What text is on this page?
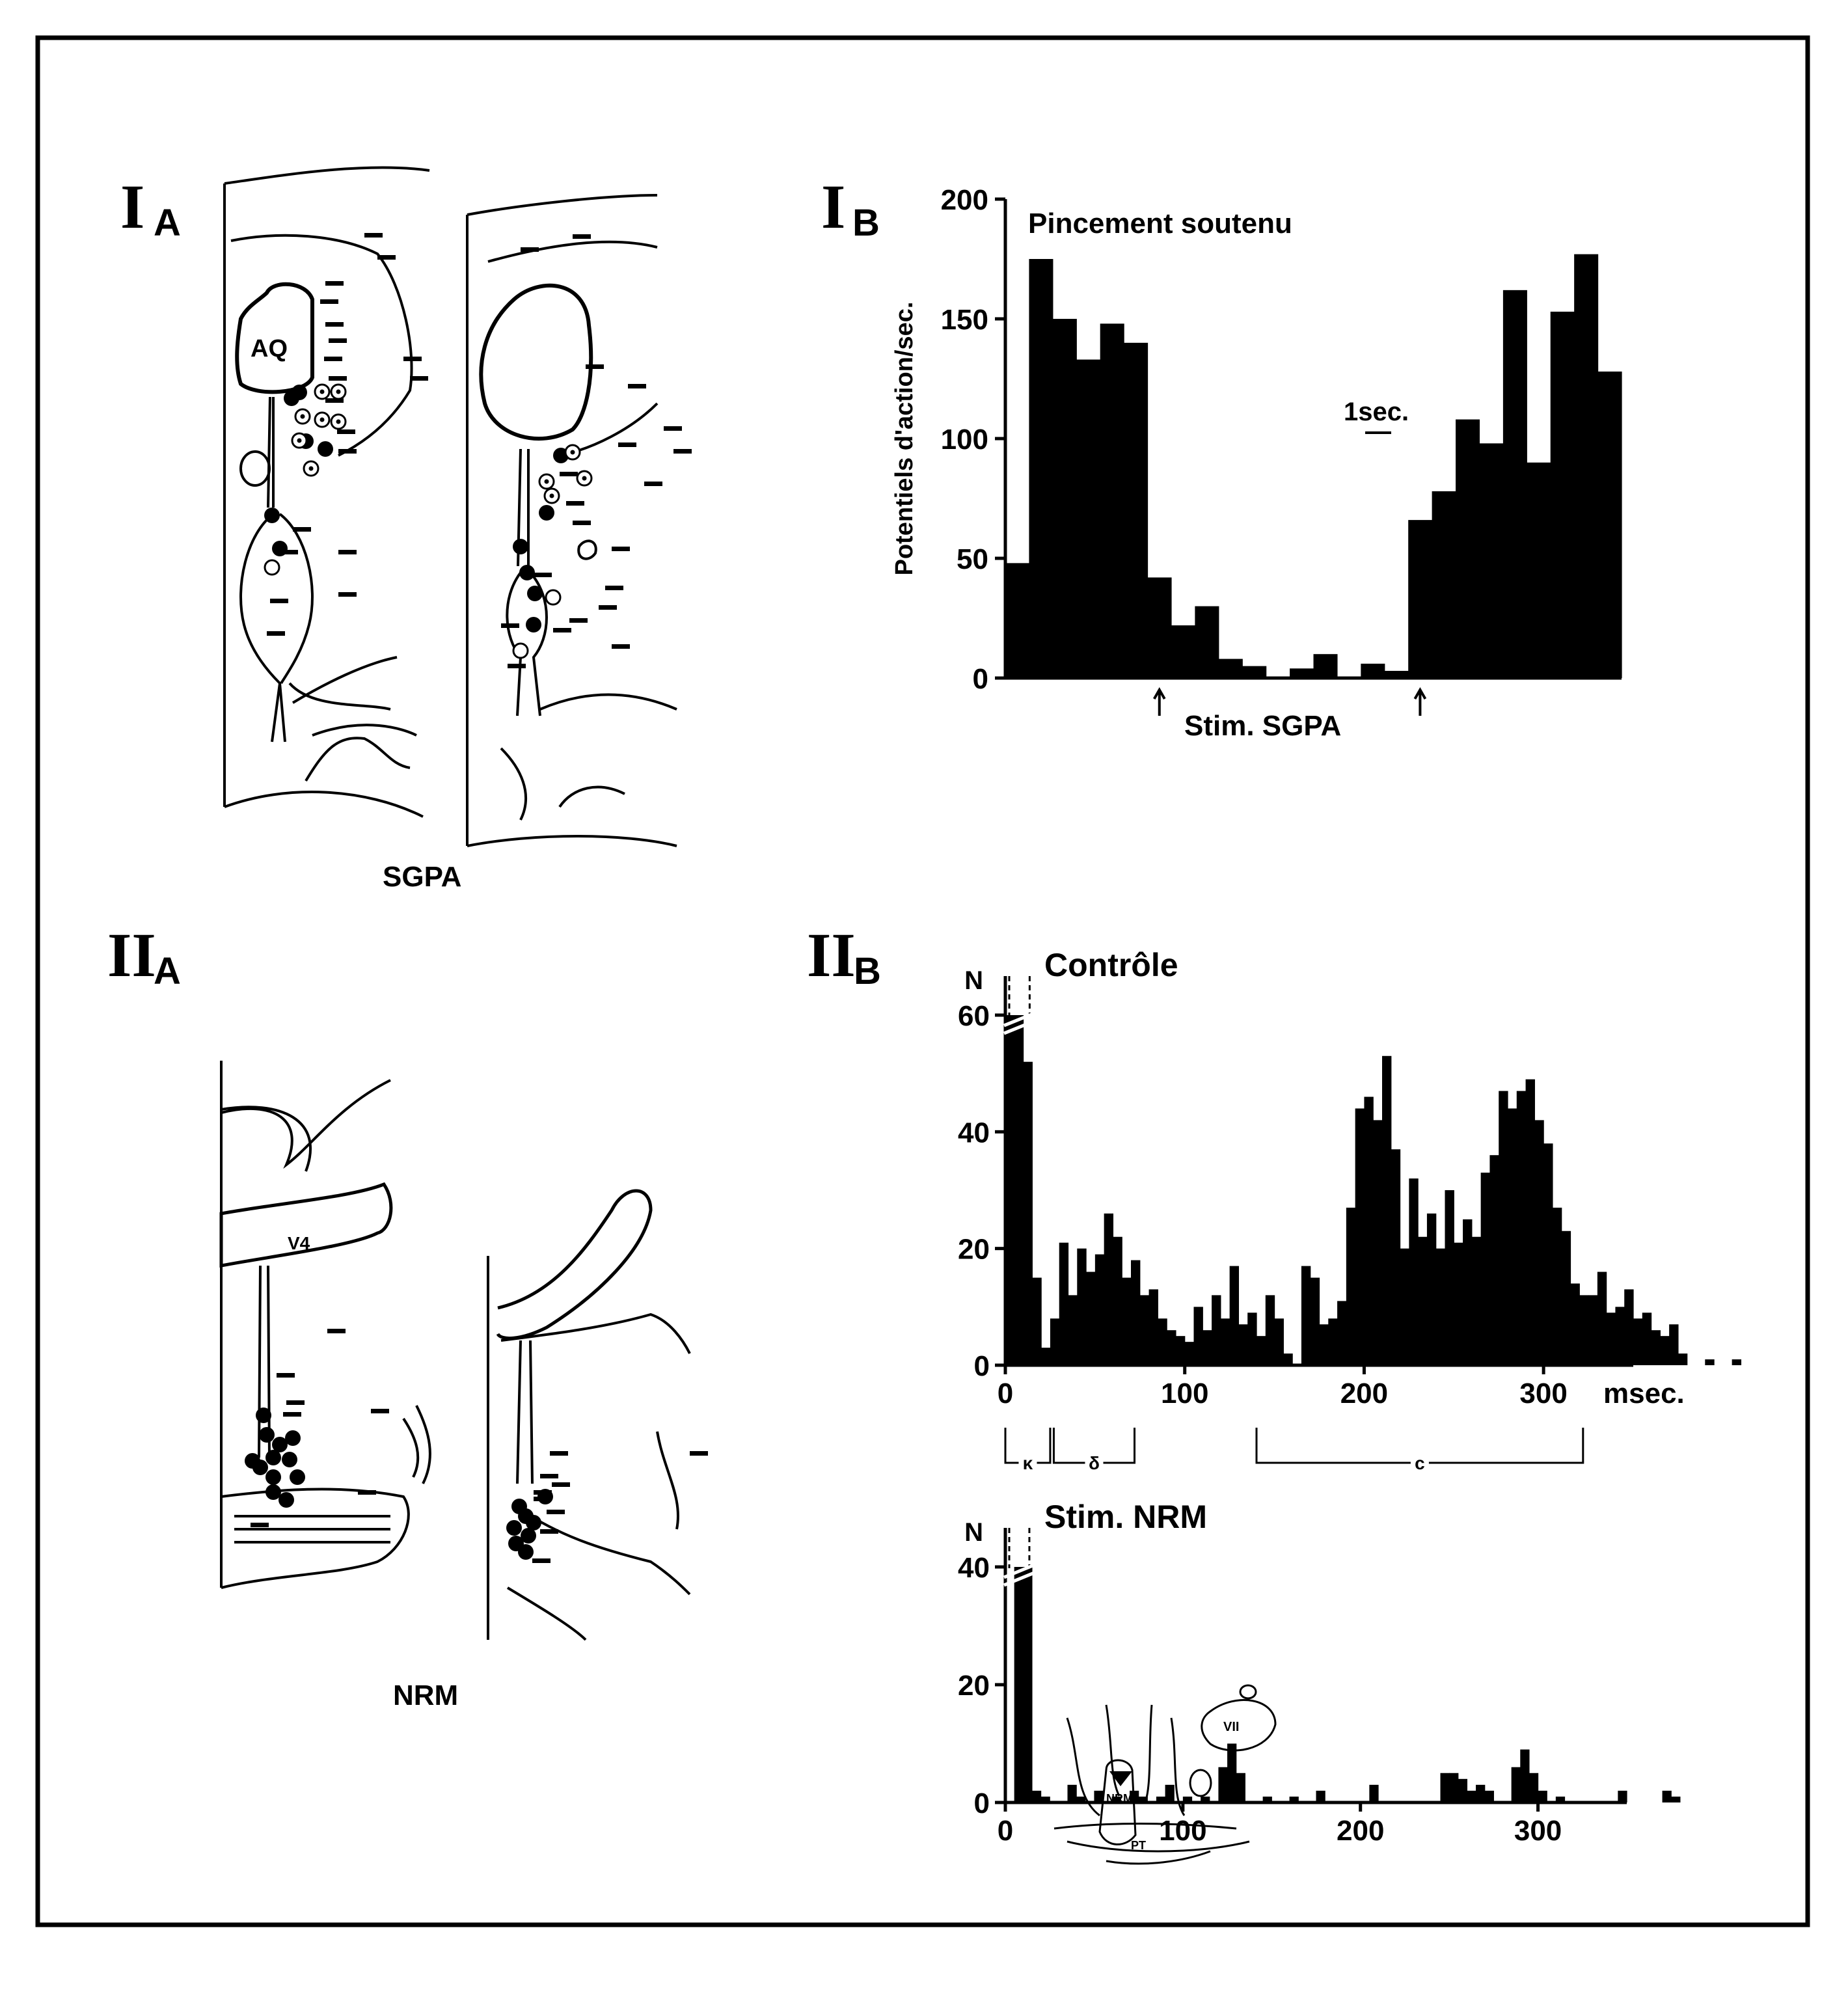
I A
AQ
SGPA
II
A
V4
NRM
I B
0
50
100
150
200
Pincement soutenu
Potentiels d'action/sec.	1sec.
Stim. SGPA
II
B
0
20
40
60
0	100	200	300
N Contrôle
msec.
κ	δ	c
0
20
40
0	100	200	300
N Stim. NRM
NRM
PT
VII
